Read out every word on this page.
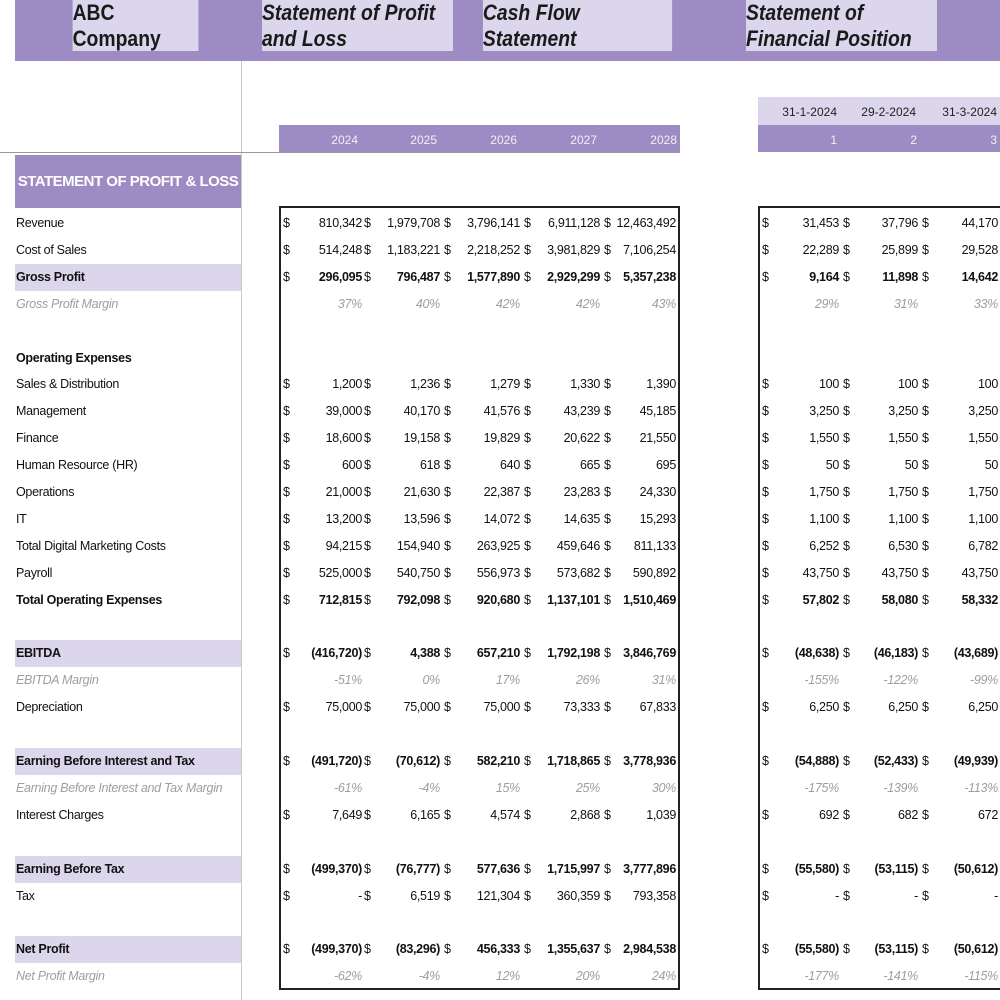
ABC Company
Statement of Profit and Loss
Cash Flow Statement
Statement of Financial Position
31-1-2024	29-2-2024	31-3-2024
2024	2025	2026	2027	2028	1	2	3
STATEMENT OF PROFIT & LOSS
Revenue	$	810,342 $	1,979,708 $	3,796,141 $	6,911,128 $ 12,463,492	$	31,453 $	37,796 $	44,170
Cost of Sales	$	514,248 $	1,183,221 $	2,218,252 $	3,981,829 $ 7,106,254	$	22,289 $	25,899 $	29,528
Gross Profit	$	296,095 $	796,487 $	1,577,890 $	2,929,299 $ 5,357,238	$	9,164 $	11,898 $	14,642
Gross Profit Margin	37%	40%	42%	42%	43%	29%	31%	33%
Operating Expenses
Sales & Distribution	$	1,200 $	1,236 $	1,279 $	1,330 $	1,390	$	100 $	100 $	100
Management	$	39,000 $	40,170 $	41,576 $	43,239 $	45,185	$	3,250 $	3,250 $	3,250
Finance	$	18,600 $	19,158 $	19,829 $	20,622 $	21,550	$	1,550 $	1,550 $	1,550
Human Resource (HR)	$	600 $	618 $	640 $	665 $	695	$	50 $	50 $	50
Operations	$	21,000 $	21,630 $	22,387 $	23,283 $	24,330	$	1,750 $	1,750 $	1,750
IT	$	13,200 $	13,596 $	14,072 $	14,635 $	15,293	$	1,100 $	1,100 $	1,100
Total Digital Marketing Costs	$	94,215 $	154,940 $	263,925 $	459,646 $	811,133	$	6,252 $	6,530 $	6,782
Payroll	$	525,000 $	540,750 $	556,973 $	573,682 $	590,892	$	43,750 $	43,750 $	43,750
Total Operating Expenses	$	712,815 $	792,098 $	920,680 $	1,137,101 $ 1,510,469	$	57,802 $	58,080 $	58,332
EBITDA	$	(416,720) $	4,388 $	657,210 $	1,792,198 $ 3,846,769	$	(48,638) $	(46,183) $	(43,689)
EBITDA Margin	-51%	0%	17%	26%	31%	-155%	-122%	-99%
Depreciation	$	75,000 $	75,000 $	75,000 $	73,333 $	67,833	$	6,250 $	6,250 $	6,250
Earning Before Interest and Tax	$	(491,720) $	(70,612) $	582,210 $	1,718,865 $ 3,778,936	$	(54,888) $	(52,433) $	(49,939)
Earning Before Interest and Tax Margin	-61%	-4%	15%	25%	30%	-175%	-139%	-113%
Interest Charges	$	7,649 $	6,165 $	4,574 $	2,868 $	1,039	$	692 $	682 $	672
Earning Before Tax	$	(499,370) $	(76,777) $	577,636 $	1,715,997 $ 3,777,896	$	(55,580) $	(53,115) $	(50,612)
Tax	$	- $	6,519 $	121,304 $	360,359 $	793,358	$	- $	- $	-
Net Profit	$	(499,370) $	(83,296) $	456,333 $	1,355,637 $ 2,984,538	$	(55,580) $	(53,115) $	(50,612)
Net Profit Margin	-62%	-4%	12%	20%	24%	-177%	-141%	-115%
